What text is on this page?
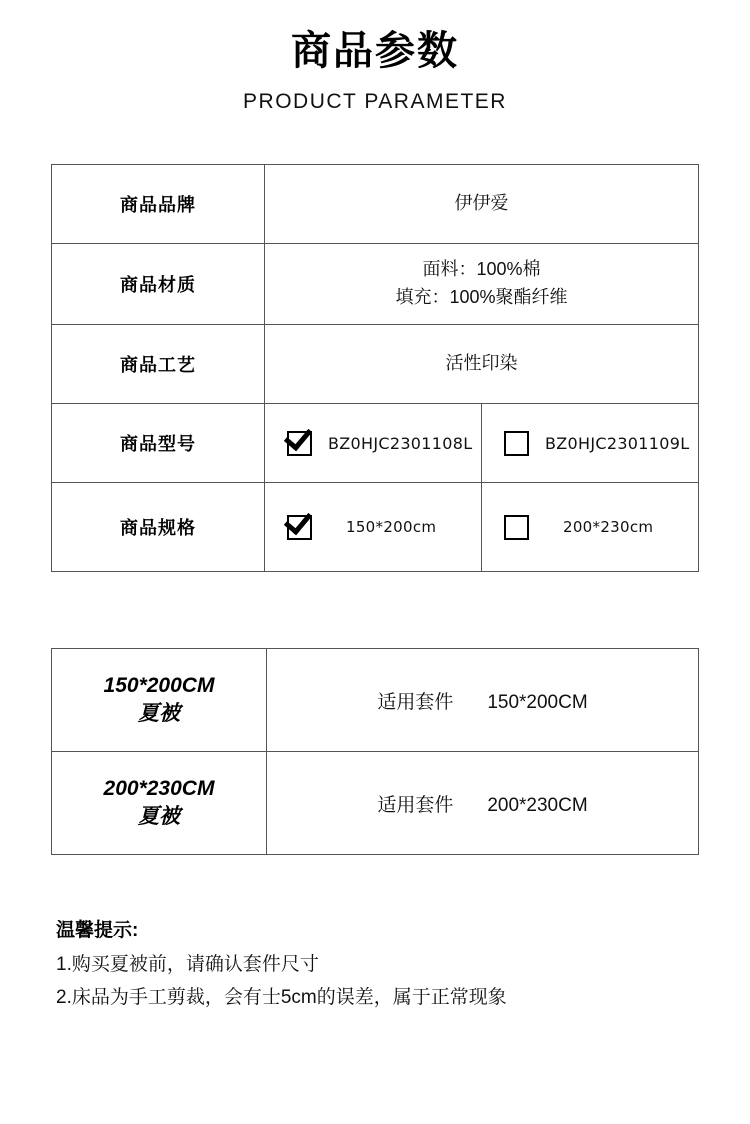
商品参数
PRODUCT PARAMETER
商品品牌	伊伊爱	
商品材质	面料：100%棉
填充：100%聚酯纤维	

商品工艺	活性印染	
商品型号	BZ0HJC2301108L	BZ0HJC2301109L

商品规格	150*200cm	200*230cm
150*200CM
夏被	适用套件 150*200CM

200*230CM
夏被	适用套件 200*230CM
温馨提示:
1.购买夏被前，请确认套件尺寸
2.床品为手工剪裁，会有士5cm的误差，属于正常现象
